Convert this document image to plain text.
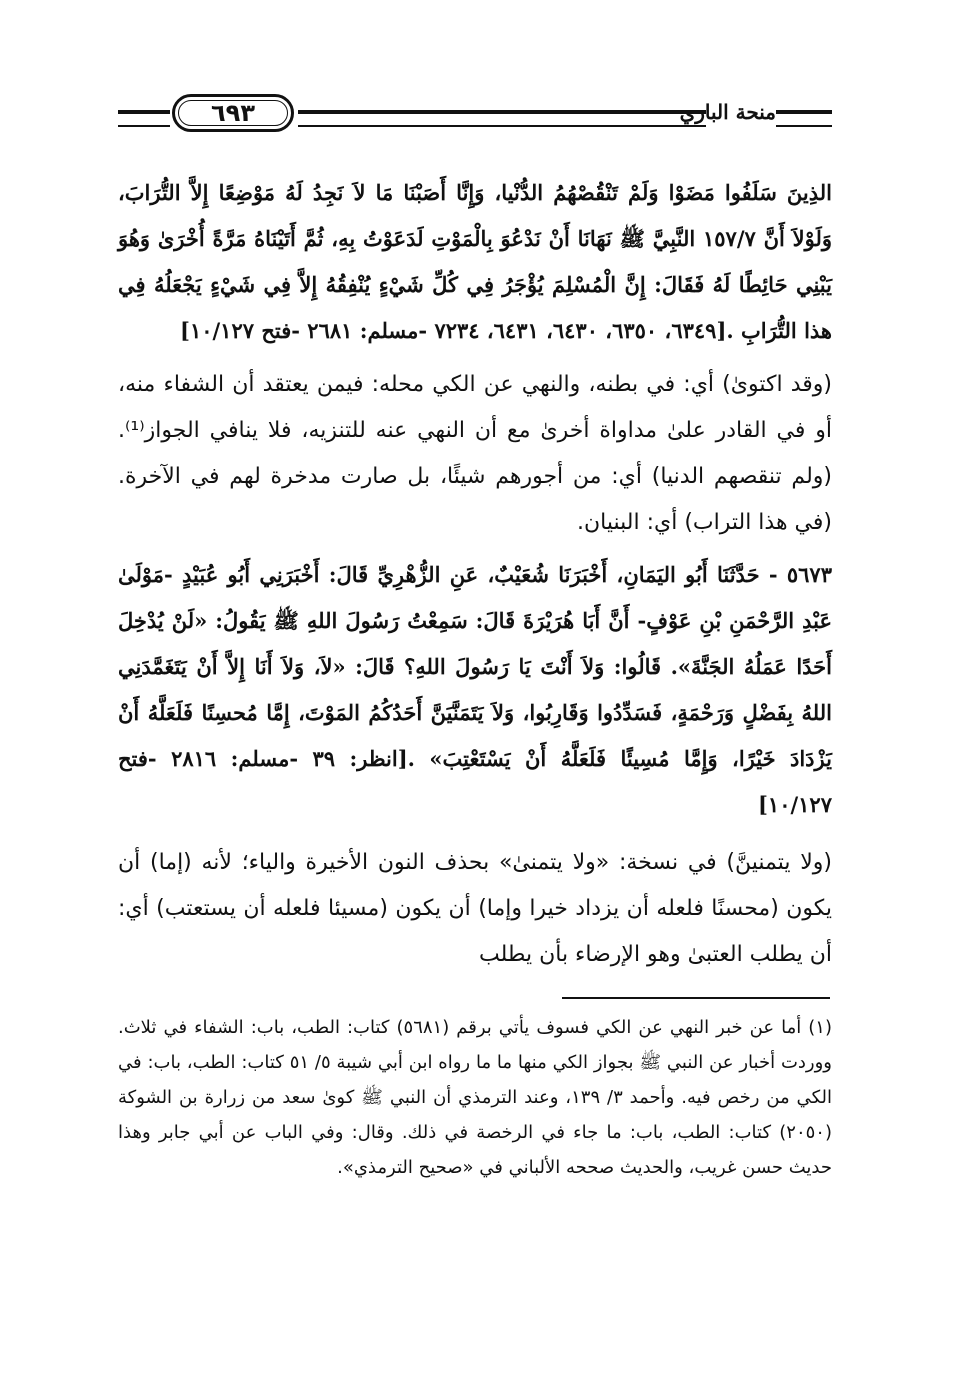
منحة الباري
٦٩٣

الذِينَ سَلَفُوا مَضَوْا وَلَمْ تَنْقُصْهُمُ الدُّنْيا، وَإِنَّا أَصَبْنَا مَا لاَ نَجِدُ لَهُ مَوْضِعًا إِلاَّ التُّرَابَ، وَلَوْلاَ أَنَّ ١٥٧/٧ النَّبِيَّ ﷺ نَهَانَا أَنْ نَدْعُوَ بِالْمَوْتِ لَدَعَوْتُ بِهِ، ثُمَّ أَتَيْنَاهُ مَرَّةً أُخْرَىٰ وَهُوَ يَبْنِي حَائِطًا لَهُ فَقَالَ: إِنَّ الْمُسْلِمَ يُؤْجَرُ فِي كُلِّ شَيْءٍ يُنْفِقُهُ إِلاَّ فِي شَيْءٍ يَجْعَلُهُ فِي هذا التُّرَابِ .[٦٣٤٩، ٦٣٥٠، ٦٤٣٠، ٦٤٣١، ٧٢٣٤ -مسلم: ٢٦٨١ -فتح ١٠/١٢٧]

(وقد اكتوىٰ) أي: في بطنه، والنهي عن الكي محله: فيمن يعتقد أن الشفاء منه، أو في القادر علىٰ مداواة أخرىٰ مع أن النهي عنه للتنزيه، فلا ينافي الجواز⁽¹⁾. (ولم تنقصهم الدنيا) أي: من أجورهم شيئًا، بل صارت مدخرة لهم في الآخرة. (في هذا التراب) أي: البنيان.

٥٦٧٣ - حَدَّثَنَا أَبُو اليَمَانِ، أَخْبَرَنَا شُعَيْبٌ، عَنِ الزُّهْرِيِّ قَالَ: أَخْبَرَنِي أَبُو عُبَيْدٍ -مَوْلَىٰ عَبْدِ الرَّحْمَنِ بْنِ عَوْفٍ- أَنَّ أَبَا هُرَيْرَةَ قَالَ: سَمِعْتُ رَسُولَ اللهِ ﷺ يَقُولُ: «لَنْ يُدْخِلَ أَحَدًا عَمَلُهُ الجَنَّةَ». قَالُوا: وَلاَ أَنْتَ يَا رَسُولَ اللهِ؟ قَالَ: «لاَ، وَلاَ أَنَا إِلاَّ أَنْ يَتَغَمَّدَنِي اللهُ بِفَضْلٍ وَرَحْمَةٍ، فَسَدِّدُوا وَقَارِبُوا، وَلاَ يَتَمَنَّيَنَّ أَحَدُكُمُ المَوْتَ، إِمَّا مُحسِنًا فَلَعَلَّهُ أَنْ يَزْدَادَ خَيْرًا، وَإِمَّا مُسِيئًا فَلَعَلَّهُ أَنْ يَسْتَعْتِبَ» .[انظر: ٣٩ -مسلم: ٢٨١٦ -فتح ١٠/١٢٧]

(ولا يتمنينَّ) في نسخة: «ولا يتمنىٰ» بحذف النون الأخيرة والياء؛ لأنه (إما) أن يكون (محسنًا فلعله أن يزداد خيرا وإما) أن يكون (مسيئا فلعله أن يستعتب) أي: أن يطلب العتبىٰ وهو الإرضاء بأن يطلب

(١) أما عن خبر النهي عن الكي فسوف يأتي برقم (٥٦٨١) كتاب: الطب، باب: الشفاء في ثلاث. ووردت أخبار عن النبي ﷺ بجواز الكي منها ما ما رواه ابن أبي شيبة ٥/ ٥١ كتاب: الطب، باب: في الكي من رخص فيه. وأحمد ٣/ ١٣٩، وعند الترمذي أن النبي ﷺ كوىٰ سعد من زرارة بن الشوكة (٢٠٥٠) كتاب: الطب، باب: ما جاء في الرخصة في ذلك. وقال: وفي الباب عن أبي جابر وهذا حديث حسن غريب، والحديث صححه الألباني في «صحيح الترمذي».
